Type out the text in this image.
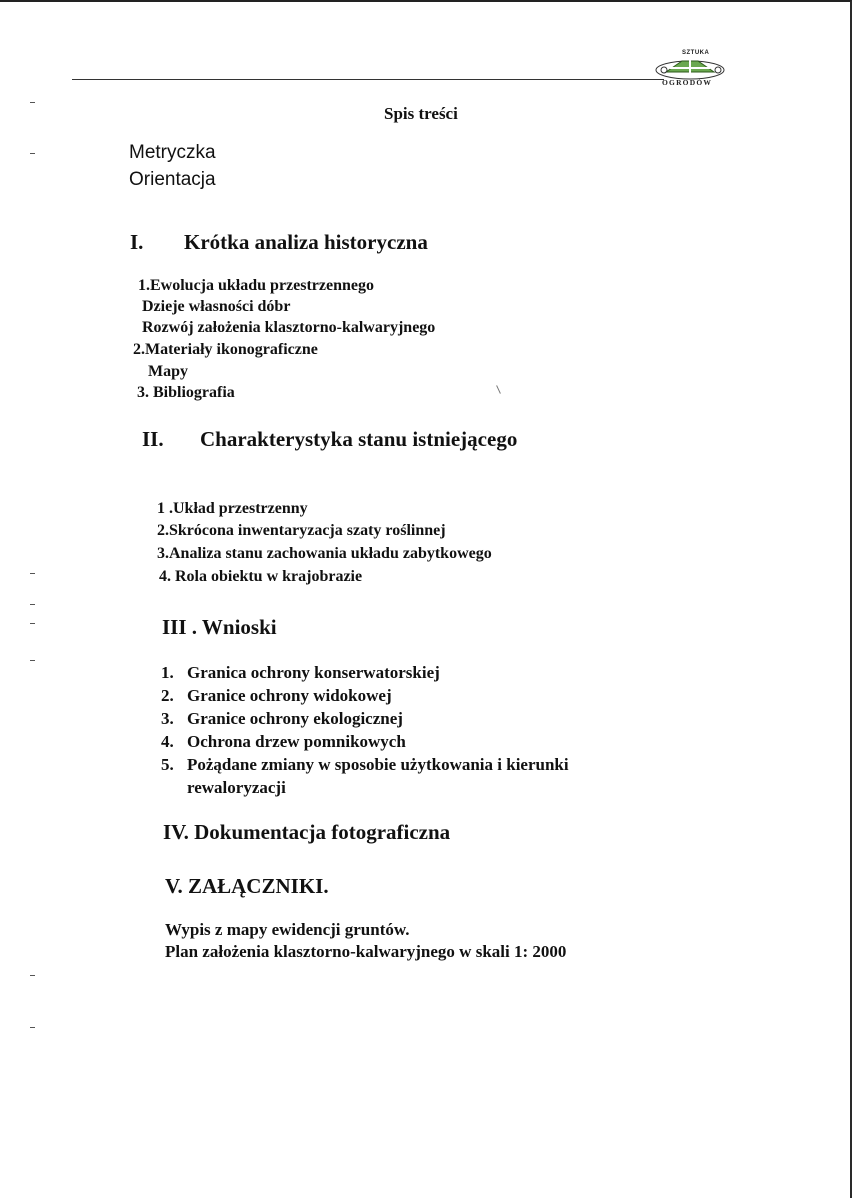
SZTUKA
OGRODÓW
Spis treści
Metryczka
Orientacja
I. Krótka analiza historyczna
1.Ewolucja układu przestrzennego
Dzieje własności dóbr
Rozwój założenia klasztorno-kalwaryjnego
2.Materiały ikonograficzne
Mapy
3. Bibliografia
II. Charakterystyka stanu istniejącego
1 .Układ przestrzenny
2.Skrócona inwentaryzacja szaty roślinnej
3.Analiza stanu zachowania układu zabytkowego
4. Rola obiektu w krajobrazie
III . Wnioski
1. Granica ochrony konserwatorskiej
2. Granice ochrony widokowej
3. Granice ochrony ekologicznej
4. Ochrona drzew pomnikowych
5. Pożądane zmiany w sposobie użytkowania i kierunki
rewaloryzacji
IV. Dokumentacja fotograficzna
V. ZAŁĄCZNIKI.
Wypis z mapy ewidencji gruntów.
Plan założenia klasztorno-kalwaryjnego w skali 1: 2000
